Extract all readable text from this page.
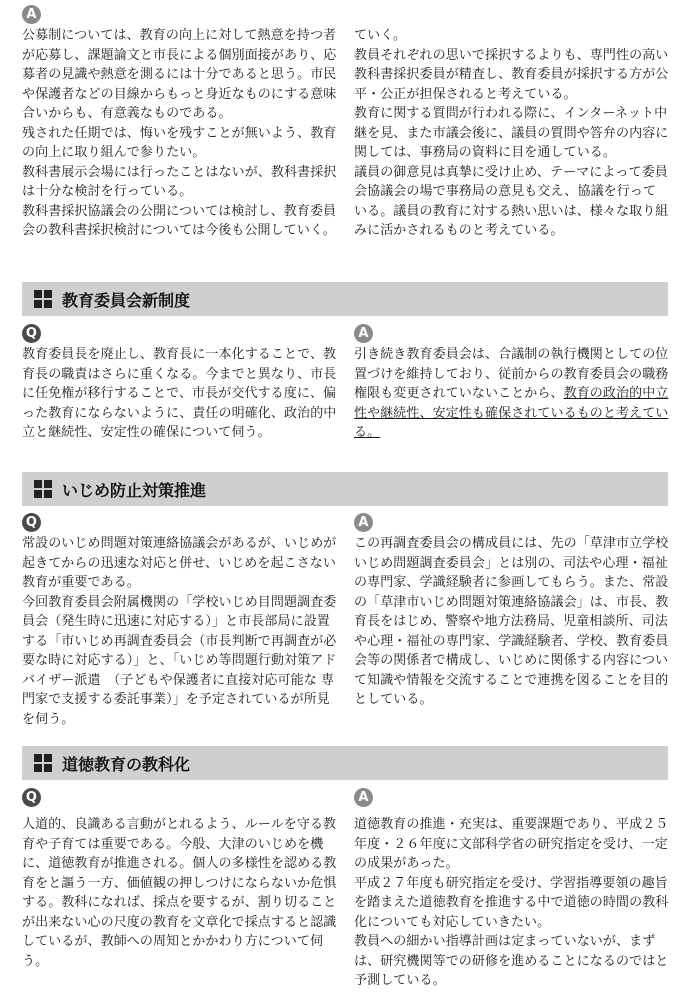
A

公募制については、教育の向上に対して熱意を持つ者が応募し、課題論文と市長による個別面接があり、応募者の見識や熱意を測るには十分であると思う。市民や保護者などの目線からもっと身近なものにする意味合いからも、有意義なものである。

残された任期では、悔いを残すことが無いよう、教育の向上に取り組んで参りたい。

教科書展示会場には行ったことはないが、教科書採択は十分な検討を行っている。

教科書採択協議会の公開については検討し、教育委員会の教科書採択検討については今後も公開していく。

ていく。

教員それぞれの思いで採択するよりも、専門性の高い教科書採択委員が精査し、教育委員が採択する方が公平・公正が担保されると考えている。

教育に関する質問が行われる際に、インターネット中継を見、また市議会後に、議員の質問や答弁の内容に関しては、事務局の資料に目を通している。

議員の御意見は真摯に受け止め、テーマによって委員会協議会の場で事務局の意見も交え、協議を行っている。議員の教育に対する熱い思いは、様々な取り組みに活かされるものと考えている。

教育委員会新制度
Q

教育委員長を廃止し、教育長に一本化することで、教育長の職責はさらに重くなる。今までと異なり、市長に任免権が移行することで、市長が交代する度に、偏った教育にならないように、責任の明確化、政治的中立と継続性、安定性の確保について伺う。

A

引き続き教育委員会は、合議制の執行機関としての位置づけを維持しており、従前からの教育委員会の職務権限も変更されていないことから、教育の政治的中立性や継続性、安定性も確保されているものと考えている。

いじめ防止対策推進
Q

常設のいじめ問題対策連絡協議会があるが、いじめが起きてからの迅速な対応と併せ、いじめを起こさない教育が重要である。

今回教育委員会附属機関の「学校いじめ目問題調査委員会（発生時に迅速に対応する）」と市長部局に設置する「市いじめ再調査委員会（市長判断で再調査が必要な時に対応する）」と、「いじめ等問題行動対策アドバイザー派遣　（子どもや保護者に直接対応可能な 専門家で支援する委託事業）」を予定されているが所見を伺う。

A

この再調査委員会の構成員には、先の「草津市立学校いじめ問題調査委員会」とは別の、司法や心理・福祉の専門家、学識経験者に参画してもらう。また、常設の「草津市いじめ問題対策連絡協議会」は、市長、教育長をはじめ、警察や地方法務局、児童相談所、司法や心理・福祉の専門家、学識経験者、学校、教育委員会等の関係者で構成し、いじめに関係する内容について知識や情報を交流することで連携を図ることを目的としている。

道徳教育の教科化
Q

人道的、良識ある言動がとれるよう、ルールを守る教育や子育ては重要である。今般、大津のいじめを機に、道徳教育が推進される。個人の多様性を認める教育をと謳う一方、価値観の押しつけにならないか危惧する。教科になれば、採点を要するが、割り切ることが出来ない心の尺度の教育を文章化で採点すると認識しているが、教師への周知とかかわり方について伺う。

A

道徳教育の推進・充実は、重要課題であり、平成２５年度・２６年度に文部科学省の研究指定を受け、一定の成果があった。

平成２７年度も研究指定を受け、学習指導要領の趣旨を踏まえた道徳教育を推進する中で道徳の時間の教科化についても対応していきたい。

教員への細かい指導計画は定まっていないが、まずは、研究機関等での研修を進めることになるのではと予測している。
